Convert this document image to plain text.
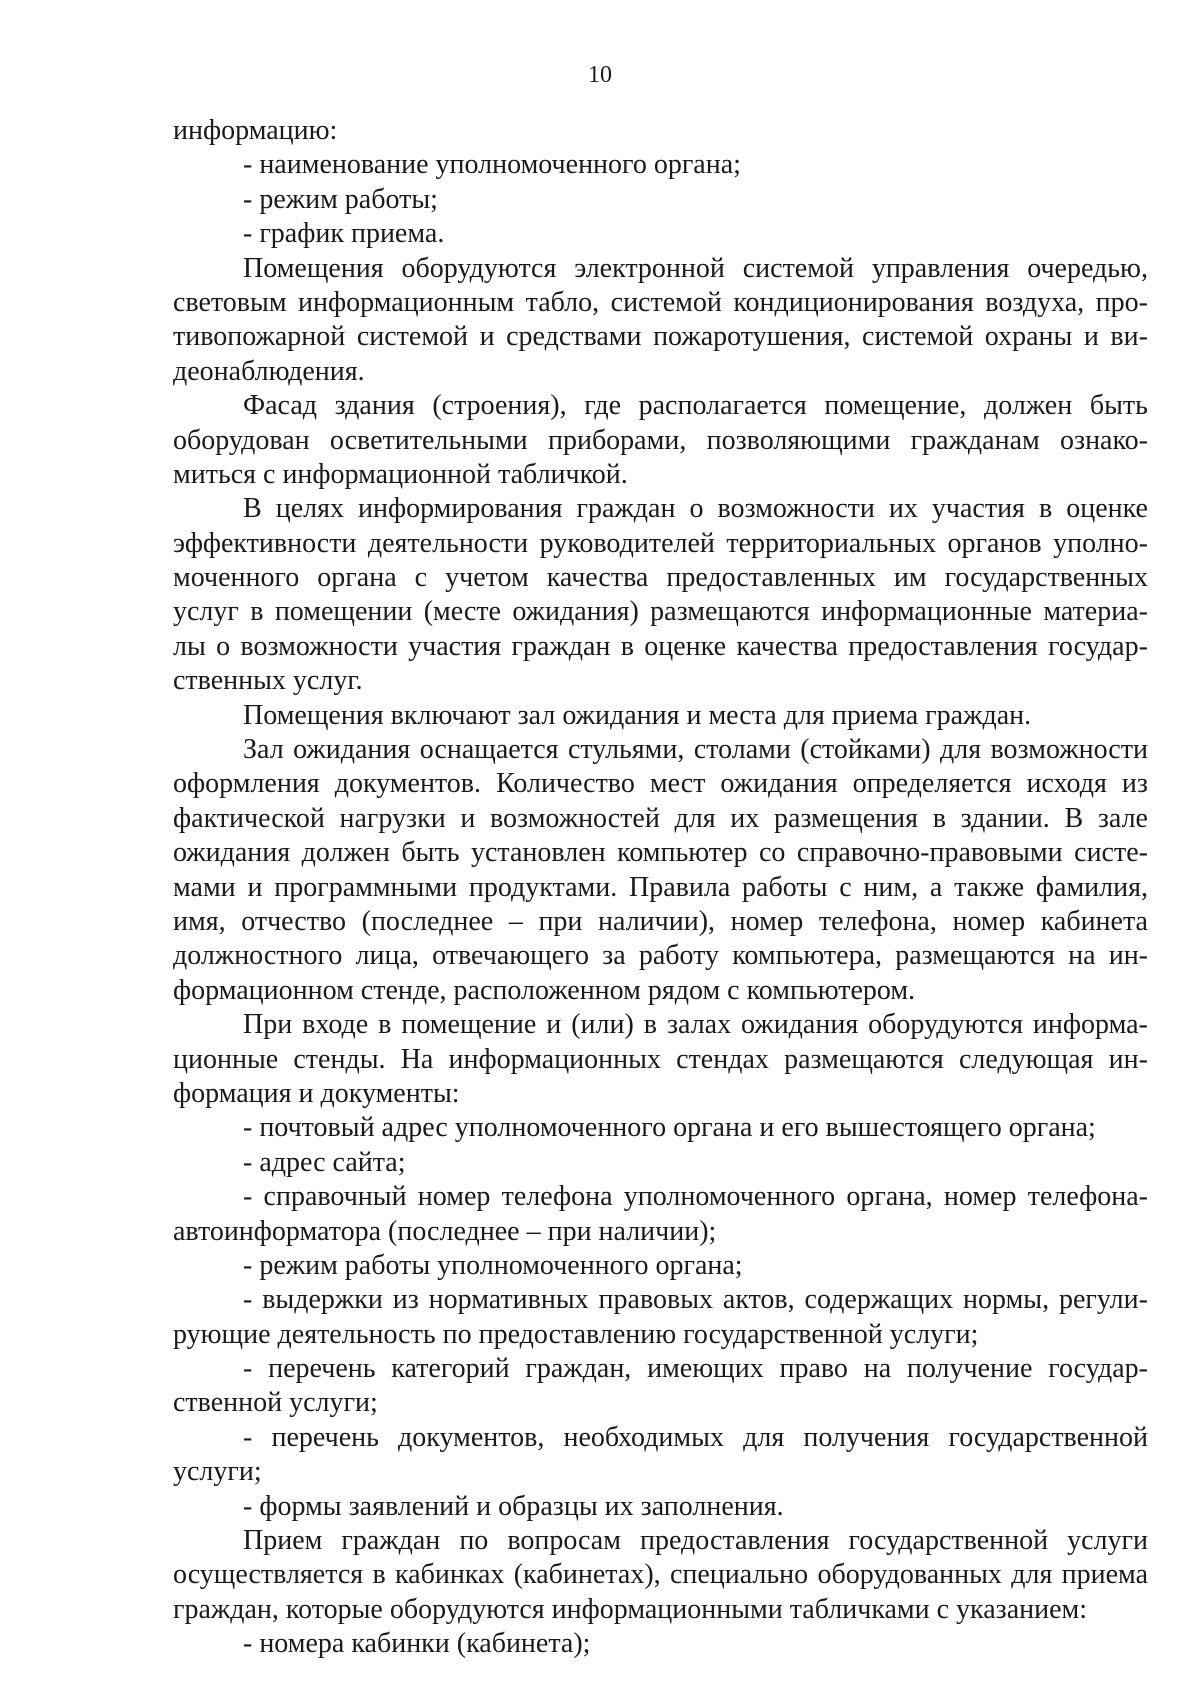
10
информацию:
- наименование уполномоченного органа;
- режим работы;
- график приема.
Помещения оборудуются электронной системой управления очередью,
световым информационным табло, системой кондиционирования воздуха, про-
тивопожарной системой и средствами пожаротушения, системой охраны и ви-
деонаблюдения.
Фасад здания (строения), где располагается помещение, должен быть
оборудован осветительными приборами, позволяющими гражданам ознако-
миться с информационной табличкой.
В целях информирования граждан о возможности их участия в оценке
эффективности деятельности руководителей территориальных органов уполно-
моченного органа с учетом качества предоставленных им государственных
услуг в помещении (месте ожидания) размещаются информационные материа-
лы о возможности участия граждан в оценке качества предоставления государ-
ственных услуг.
Помещения включают зал ожидания и места для приема граждан.
Зал ожидания оснащается стульями, столами (стойками) для возможности
оформления документов. Количество мест ожидания определяется исходя из
фактической нагрузки и возможностей для их размещения в здании. В зале
ожидания должен быть установлен компьютер со справочно-правовыми систе-
мами и программными продуктами. Правила работы с ним, а также фамилия,
имя, отчество (последнее – при наличии), номер телефона, номер кабинета
должностного лица, отвечающего за работу компьютера, размещаются на ин-
формационном стенде, расположенном рядом с компьютером.
При входе в помещение и (или) в залах ожидания оборудуются информа-
ционные стенды. На информационных стендах размещаются следующая ин-
формация и документы:
- почтовый адрес уполномоченного органа и его вышестоящего органа;
- адрес сайта;
- справочный номер телефона уполномоченного органа, номер телефона-
автоинформатора (последнее – при наличии);
- режим работы уполномоченного органа;
- выдержки из нормативных правовых актов, содержащих нормы, регули-
рующие деятельность по предоставлению государственной услуги;
- перечень категорий граждан, имеющих право на получение государ-
ственной услуги;
- перечень документов, необходимых для получения государственной
услуги;
- формы заявлений и образцы их заполнения.
Прием граждан по вопросам предоставления государственной услуги
осуществляется в кабинках (кабинетах), специально оборудованных для приема
граждан, которые оборудуются информационными табличками с указанием:
- номера кабинки (кабинета);
